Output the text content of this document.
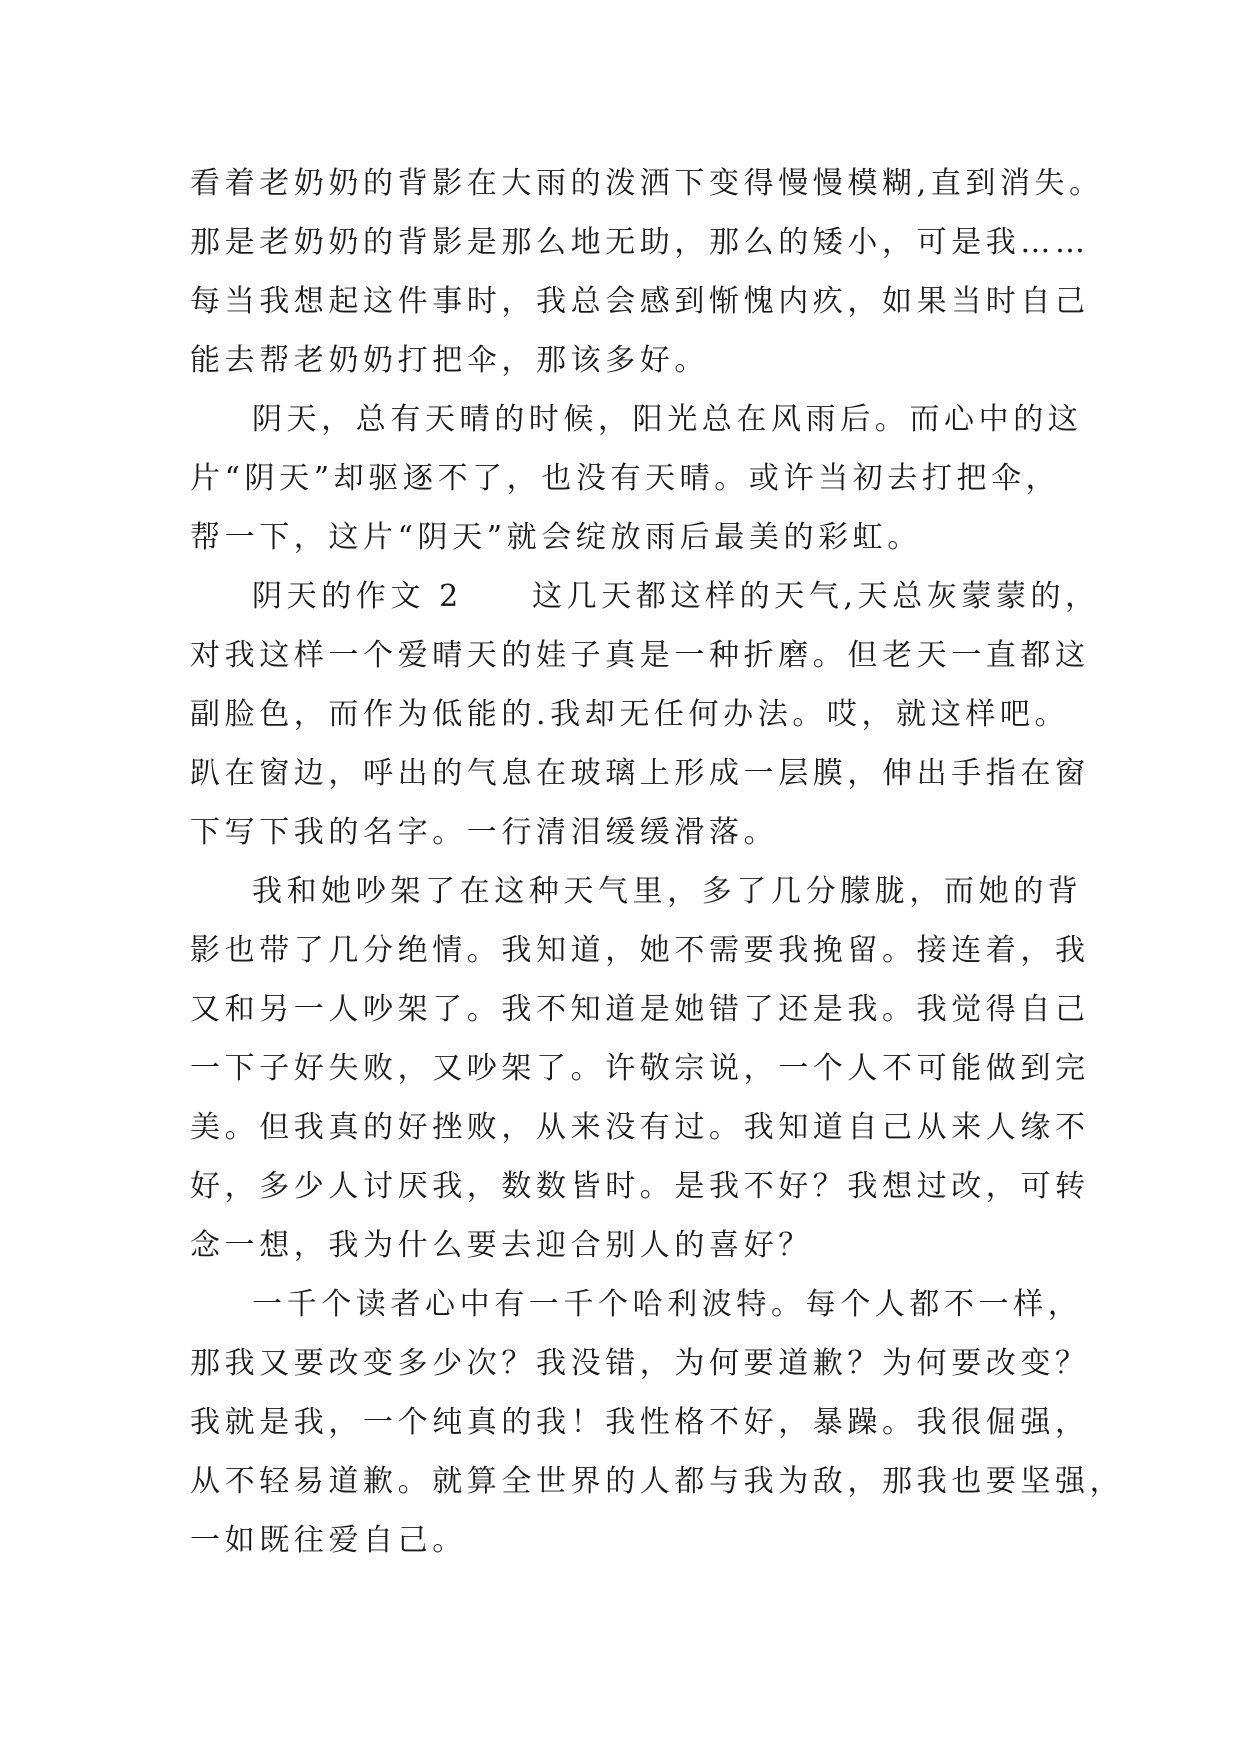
看着老奶奶的背影在大雨的泼洒下变得慢慢模糊,直到消失。
那是老奶奶的背影是那么地无助，那么的矮小，可是我……
每当我想起这件事时，我总会感到惭愧内疚，如果当时自己
能去帮老奶奶打把伞，那该多好。
阴天，总有天晴的时候，阳光总在风雨后。而心中的这
片“阴天”却驱逐不了，也没有天晴。或许当初去打把伞，
帮一下，这片“阴天”就会绽放雨后最美的彩虹。
阴天的作文 2　　这几天都这样的天气,天总灰蒙蒙的，
对我这样一个爱晴天的娃子真是一种折磨。但老天一直都这
副脸色，而作为低能的.我却无任何办法。哎，就这样吧。
趴在窗边，呼出的气息在玻璃上形成一层膜，伸出手指在窗
下写下我的名字。一行清泪缓缓滑落。
我和她吵架了在这种天气里，多了几分朦胧，而她的背
影也带了几分绝情。我知道，她不需要我挽留。接连着，我
又和另一人吵架了。我不知道是她错了还是我。我觉得自己
一下子好失败，又吵架了。许敬宗说，一个人不可能做到完
美。但我真的好挫败，从来没有过。我知道自己从来人缘不
好，多少人讨厌我，数数皆时。是我不好？我想过改，可转
念一想，我为什么要去迎合别人的喜好？
一千个读者心中有一千个哈利波特。每个人都不一样，
那我又要改变多少次？我没错，为何要道歉？为何要改变？
我就是我，一个纯真的我！我性格不好，暴躁。我很倔强，
从不轻易道歉。就算全世界的人都与我为敌，那我也要坚强，
一如既往爱自己。
